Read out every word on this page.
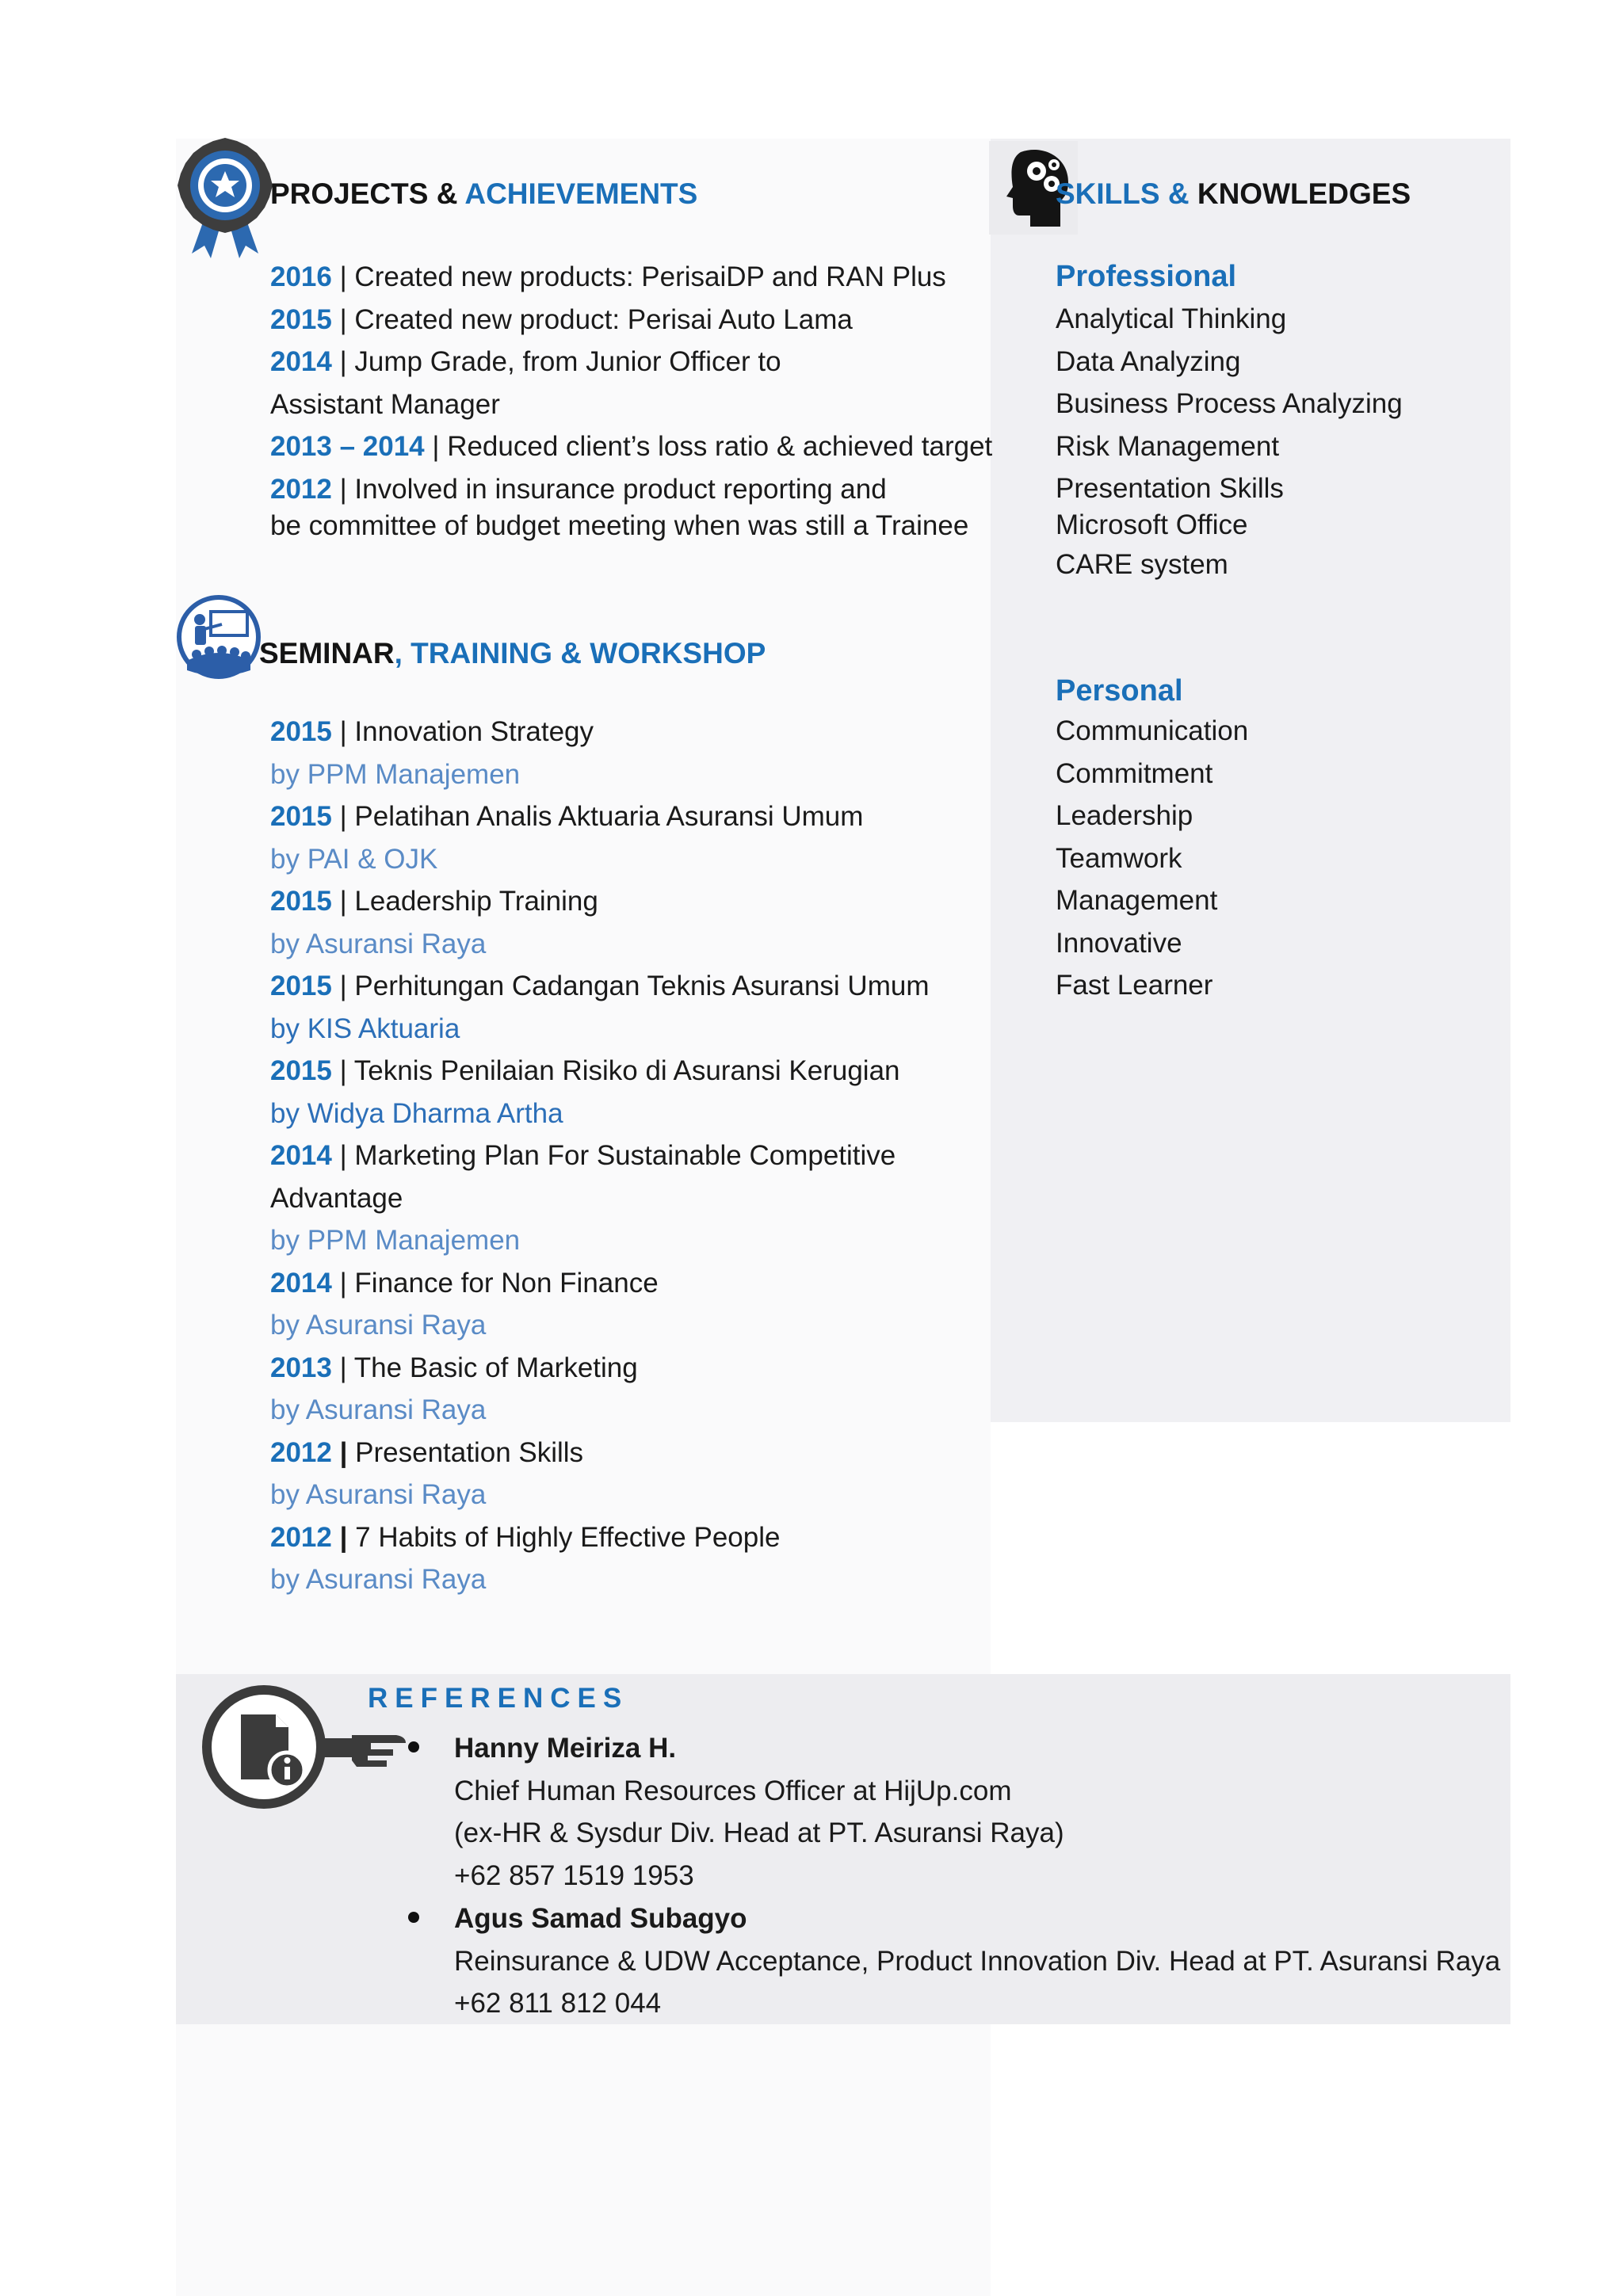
PROJECTS & ACHIEVEMENTS
2016 | Created new products: PerisaiDP and RAN Plus
2015 | Created new product: Perisai Auto Lama
2014 | Jump Grade, from Junior Officer to
Assistant Manager
2013 – 2014 | Reduced client’s loss ratio & achieved target
2012 | Involved in insurance product reporting and
be committee of budget meeting when was still a Trainee
SEMINAR, TRAINING & WORKSHOP
2015 | Innovation Strategy
by PPM Manajemen
2015 | Pelatihan Analis Aktuaria Asuransi Umum
by PAI & OJK
2015 | Leadership Training
by Asuransi Raya
2015 | Perhitungan Cadangan Teknis Asuransi Umum
by KIS Aktuaria
2015 | Teknis Penilaian Risiko di Asuransi Kerugian
by Widya Dharma Artha
2014 | Marketing Plan For Sustainable Competitive
Advantage
by PPM Manajemen
2014 | Finance for Non Finance
by Asuransi Raya
2013 | The Basic of Marketing
by Asuransi Raya
2012 | Presentation Skills
by Asuransi Raya
2012 | 7 Habits of Highly Effective People
by Asuransi Raya
SKILLS & KNOWLEDGES
Professional
Analytical Thinking
Data Analyzing
Business Process Analyzing
Risk Management
Presentation Skills
Microsoft Office
CARE system
Personal
Communication
Commitment
Leadership
Teamwork
Management
Innovative
Fast Learner
REFERENCES
Hanny Meiriza H.
Chief Human Resources Officer at HijUp.com
(ex-HR & Sysdur Div. Head at PT. Asuransi Raya)
+62 857 1519 1953
Agus Samad Subagyo
Reinsurance & UDW Acceptance, Product Innovation Div. Head at PT. Asuransi Raya
+62 811 812 044
